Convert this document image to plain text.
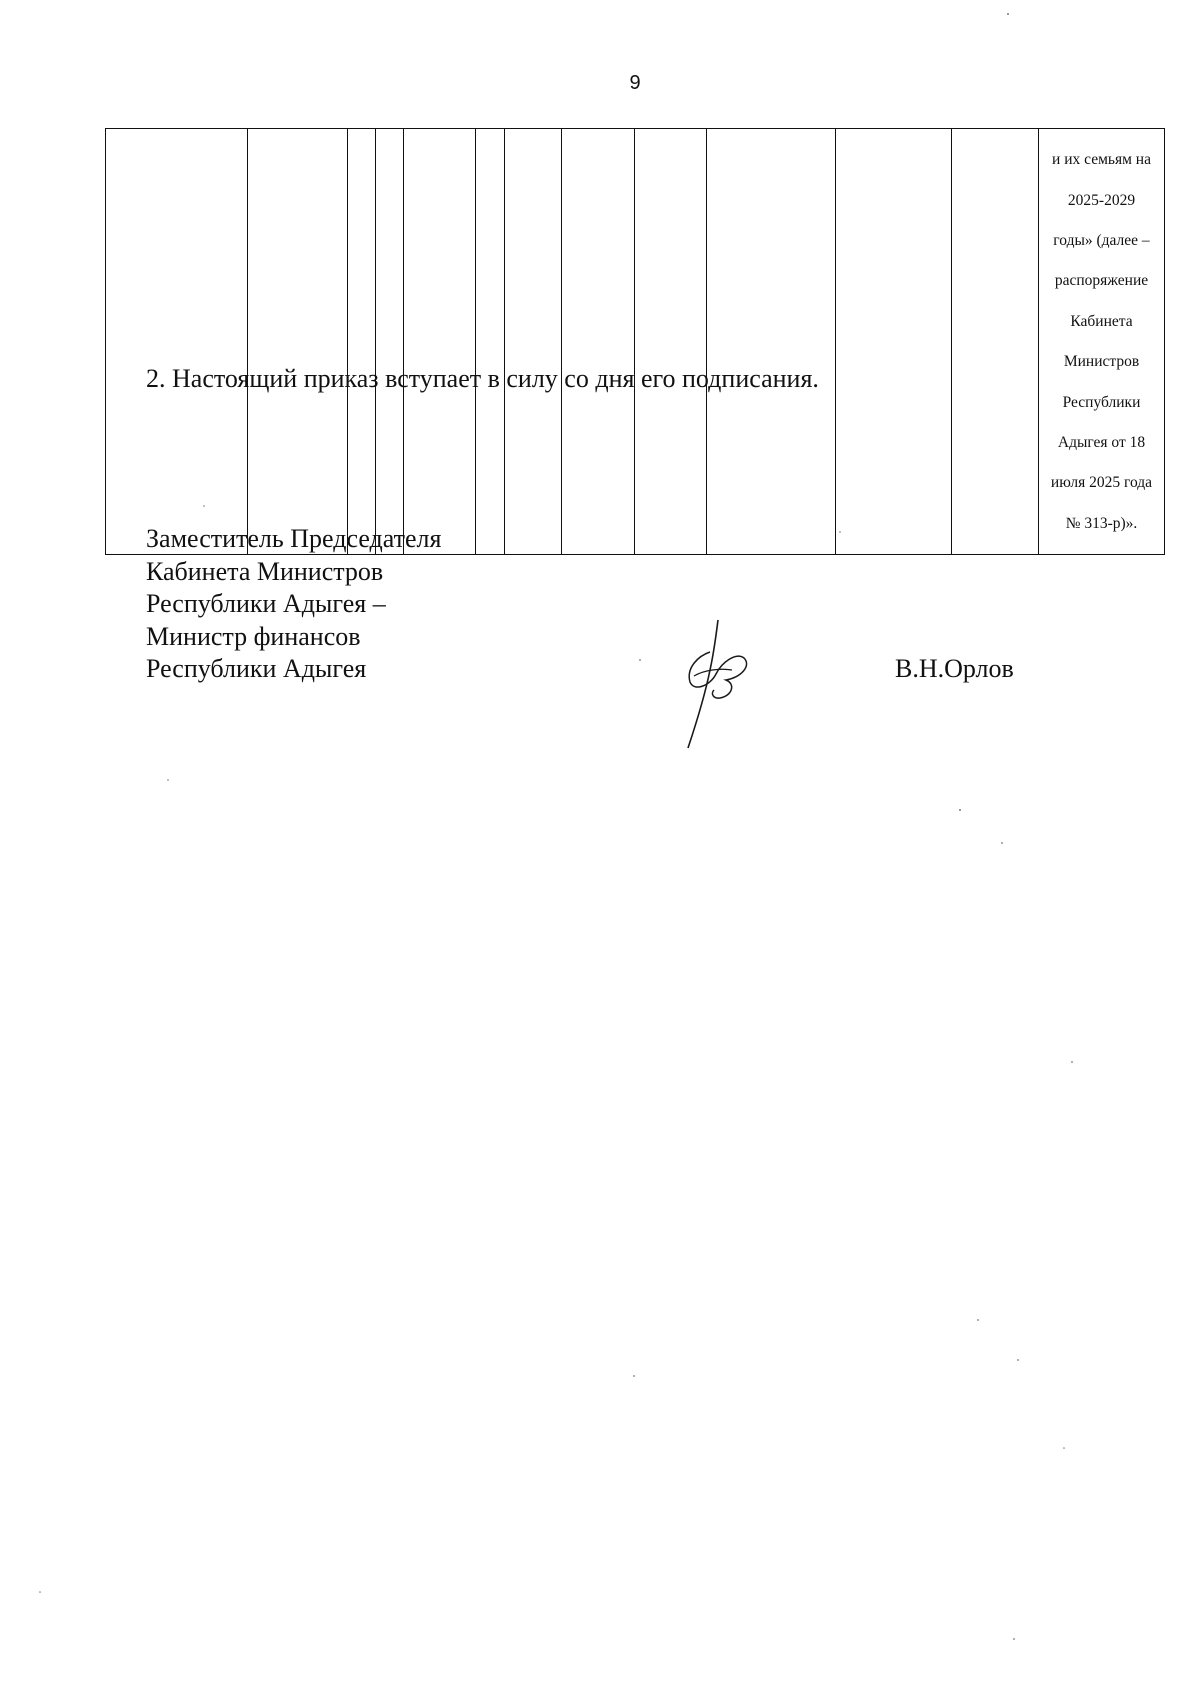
9

и их семьям на

2025-2029

годы» (далее –

распоряжение

Кабинета

Министров

Республики

Адыгея от 18

июля 2025 года

№ 313-р)».

2. Настоящий приказ вступает в силу со дня его подписания.
Заместитель Председателя
Кабинета Министров
Республики Адыгея –
Министр финансов
Республики Адыгея	В.Н.Орлов
